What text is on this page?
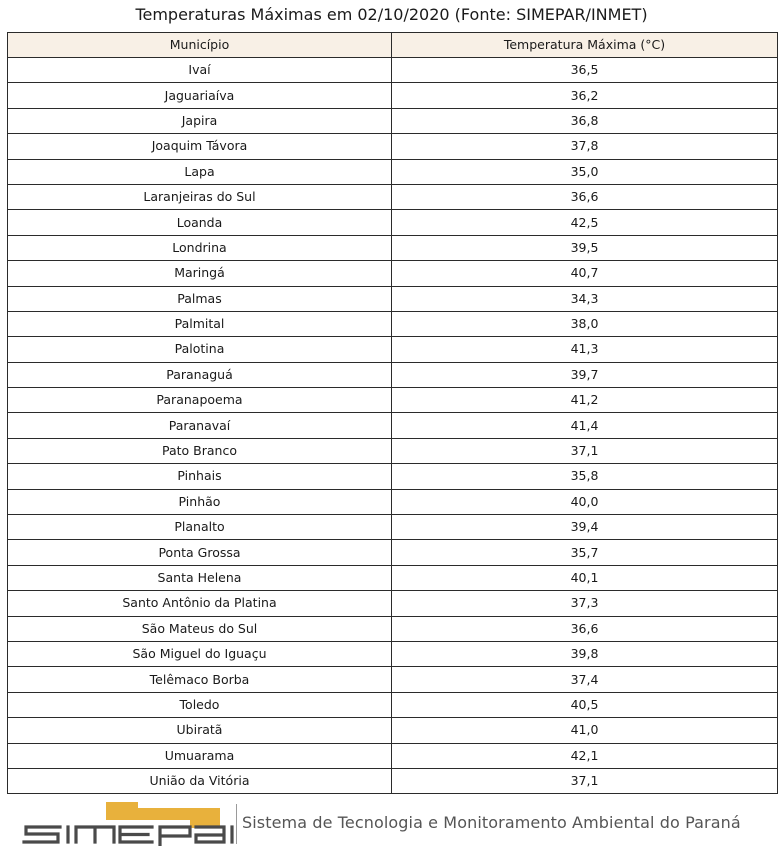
Temperaturas Máximas em 02/10/2020 (Fonte: SIMEPAR/INMET)
Município	Temperatura Máxima (°C)
Ivaí	36,5
Jaguariaíva	36,2
Japira	36,8
Joaquim Távora	37,8
Lapa	35,0
Laranjeiras do Sul	36,6
Loanda	42,5
Londrina	39,5
Maringá	40,7
Palmas	34,3
Palmital	38,0
Palotina	41,3
Paranaguá	39,7
Paranapoema	41,2
Paranavaí	41,4
Pato Branco	37,1
Pinhais	35,8
Pinhão	40,0
Planalto	39,4
Ponta Grossa	35,7
Santa Helena	40,1
Santo Antônio da Platina	37,3
São Mateus do Sul	36,6
São Miguel do Iguaçu	39,8
Telêmaco Borba	37,4
Toledo	40,5
Ubiratã	41,0
Umuarama	42,1
União da Vitória	37,1
Sistema de Tecnologia e Monitoramento Ambiental do Paraná
